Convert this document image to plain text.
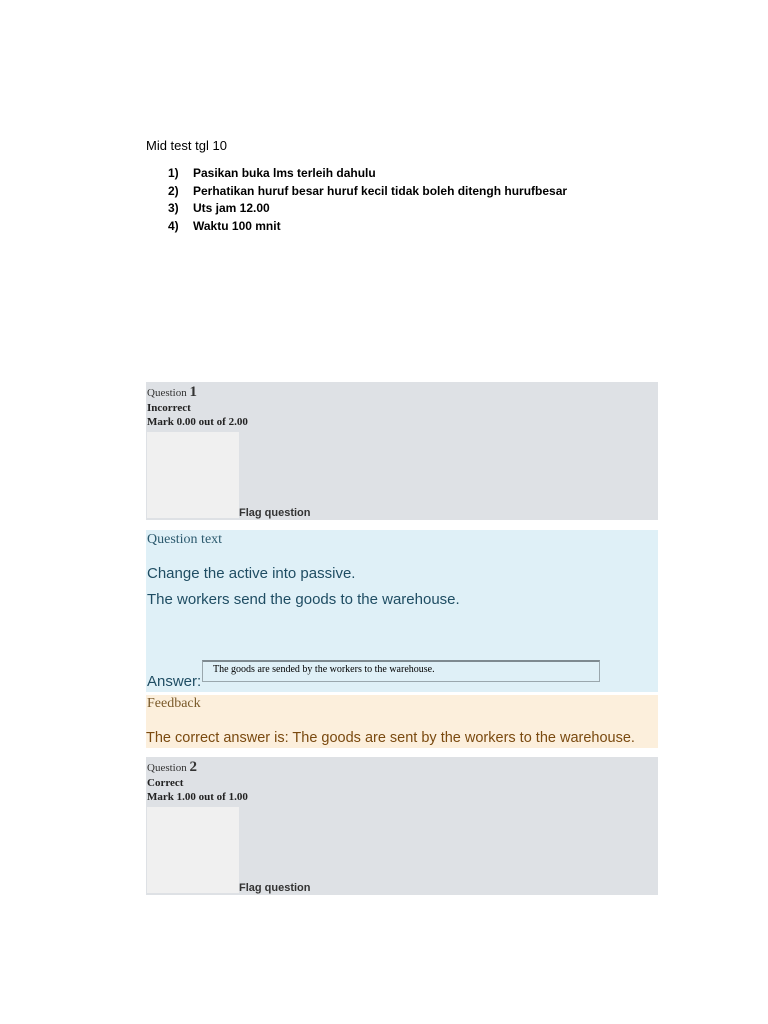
Mid test tgl 10
1)	Pasikan buka lms terleih dahulu
2)	Perhatikan huruf besar huruf kecil tidak boleh ditengh hurufbesar
3)	Uts jam 12.00
4)	Waktu 100 mnit
Question 1
Incorrect
Mark 0.00 out of 2.00
Flag question
Question text
Change the active into passive.
The workers send the goods to the warehouse.
Answer:
The goods are sended by the workers to the warehouse.
Feedback
The correct answer is: The goods are sent by the workers to the warehouse.
Question 2
Correct
Mark 1.00 out of 1.00
Flag question
